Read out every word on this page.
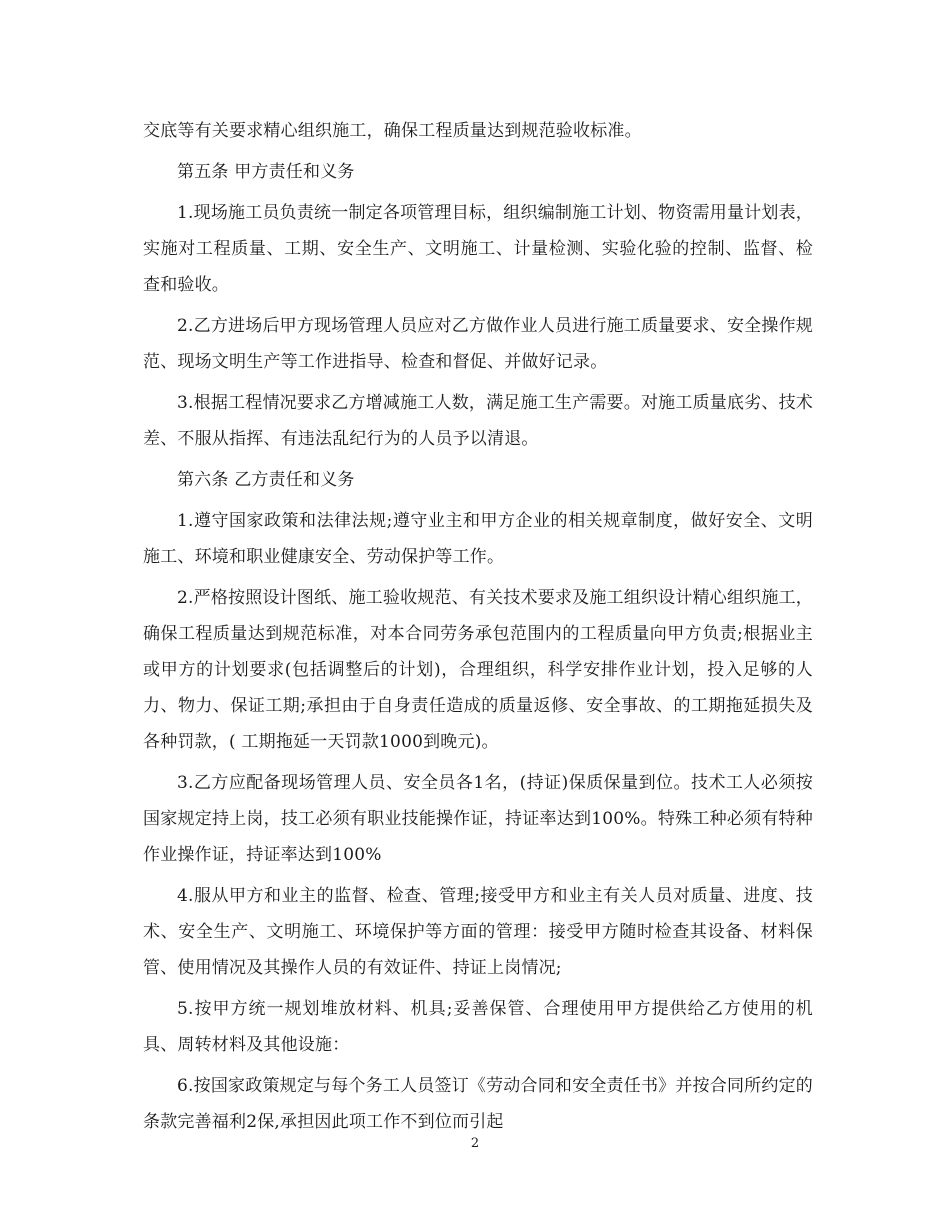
交底等有关要求精心组织施工，确保工程质量达到规范验收标准。

第五条 甲方责任和义务

1.现场施工员负责统一制定各项管理目标，组织编制施工计划、物资需用量计划表，实施对工程质量、工期、安全生产、文明施工、计量检测、实验化验的控制、监督、检查和验收。

2.乙方进场后甲方现场管理人员应对乙方做作业人员进行施工质量要求、安全操作规范、现场文明生产等工作进指导、检查和督促、并做好记录。

3.根据工程情况要求乙方增减施工人数，满足施工生产需要。对施工质量底劣、技术差、不服从指挥、有违法乱纪行为的人员予以清退。

第六条 乙方责任和义务

1.遵守国家政策和法律法规;遵守业主和甲方企业的相关规章制度，做好安全、文明施工、环境和职业健康安全、劳动保护等工作。

2.严格按照设计图纸、施工验收规范、有关技术要求及施工组织设计精心组织施工，确保工程质量达到规范标准，对本合同劳务承包范围内的工程质量向甲方负责;根据业主或甲方的计划要求(包括调整后的计划)，合理组织，科学安排作业计划，投入足够的人力、物力、保证工期;承担由于自身责任造成的质量返修、安全事故、的工期拖延损失及各种罚款，( 工期拖延一天罚款1000到晚元)。

3.乙方应配备现场管理人员、安全员各1名，(持证)保质保量到位。技术工人必须按国家规定持上岗，技工必须有职业技能操作证，持证率达到100%。特殊工种必须有特种作业操作证，持证率达到100%

4.服从甲方和业主的监督、检查、管理;接受甲方和业主有关人员对质量、进度、技术、安全生产、文明施工、环境保护等方面的管理：接受甲方随时检查其设备、材料保管、使用情况及其操作人员的有效证件、持证上岗情况;

5.按甲方统一规划堆放材料、机具;妥善保管、合理使用甲方提供给乙方使用的机具、周转材料及其他设施：

6.按国家政策规定与每个务工人员签订《劳动合同和安全责任书》并按合同所约定的条款完善福利2保,承担因此项工作不到位而引起

2
